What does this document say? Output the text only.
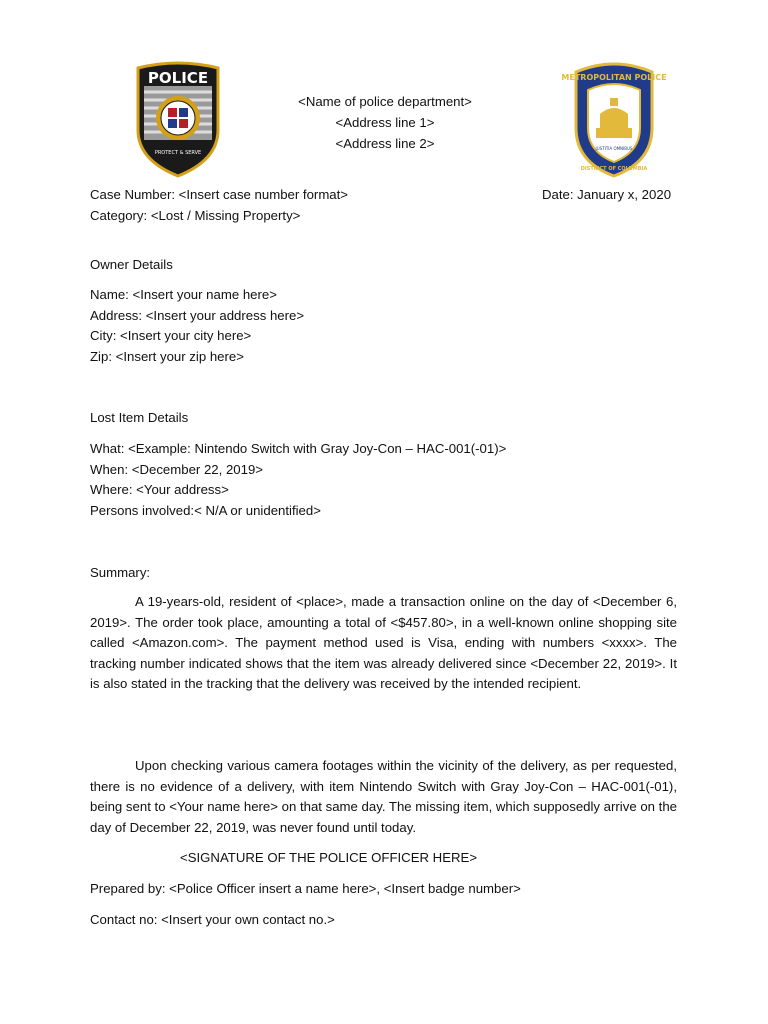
PROTECT & SERVE
POLICE	METROPOLITAN POLICE
JUSTITIA OMNIBUS
DISTRICT OF COLUMBIA
<Name of police department>
<Address line 1>
<Address line 2>
Case Number: <Insert case number format>	Date: January x, 2020
Category: <Lost / Missing Property>
Owner Details
Name: <Insert your name here>
Address: <Insert your address here>
City: <Insert your city here>
Zip: <Insert your zip here>
Lost Item Details
What: <Example: Nintendo Switch with Gray Joy-Con – HAC-001(-01)>
When: <December 22, 2019>
Where: <Your address>
Persons involved:< N/A or unidentified>
Summary:
A 19-years-old, resident of <place>, made a transaction online on the day of <December 6, 2019>. The order took place, amounting a total of <$457.80>, in a well-known online shopping site called <Amazon.com>. The payment method used is Visa, ending with numbers <xxxx>. The tracking number indicated shows that the item was already delivered since <December 22, 2019>. It is also stated in the tracking that the delivery was received by the intended recipient.
Upon checking various camera footages within the vicinity of the delivery, as per requested, there is no evidence of a delivery, with item Nintendo Switch with Gray Joy-Con – HAC-001(-01), being sent to <Your name here> on that same day. The missing item, which supposedly arrive on the day of December 22, 2019, was never found until today.
<SIGNATURE OF THE POLICE OFFICER HERE>
Prepared by: <Police Officer insert a name here>, <Insert badge number>
Contact no: <Insert your own contact no.>
